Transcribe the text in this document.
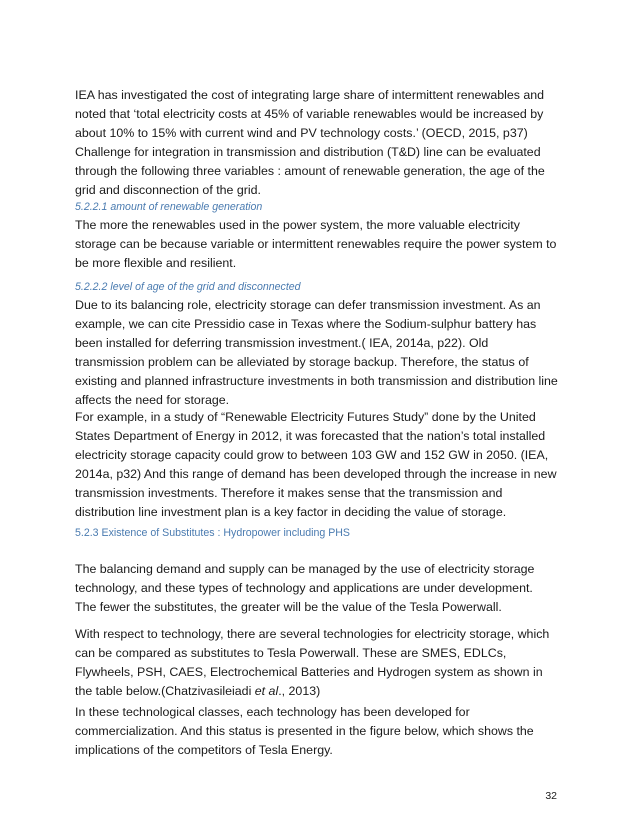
IEA has investigated the cost of integrating large share of intermittent renewables and
noted that ‘total electricity costs at 45% of variable renewables would be increased by
about 10% to 15% with current wind and PV technology costs.’ (OECD, 2015, p37)
Challenge for integration in transmission and distribution (T&D) line can be evaluated
through the following three variables : amount of renewable generation, the age of the
grid and disconnection of the grid.

5.2.2.1 amount of renewable generation

The more the renewables used in the power system, the more valuable electricity
storage can be because variable or intermittent renewables require the power system to
be more flexible and resilient.

5.2.2.2 level of age of the grid and disconnected

Due to its balancing role, electricity storage can defer transmission investment. As an
example, we can cite Pressidio case in Texas where the Sodium-sulphur battery has
been installed for deferring transmission investment.( IEA, 2014a, p22). Old
transmission problem can be alleviated by storage backup. Therefore, the status of
existing and planned infrastructure investments in both transmission and distribution line
affects the need for storage.

For example, in a study of “Renewable Electricity Futures Study” done by the United
States Department of Energy in 2012, it was forecasted that the nation’s total installed
electricity storage capacity could grow to between 103 GW and 152 GW in 2050. (IEA,
2014a, p32) And this range of demand has been developed through the increase in new
transmission investments. Therefore it makes sense that the transmission and
distribution line investment plan is a key factor in deciding the value of storage.

5.2.3 Existence of Substitutes : Hydropower including PHS

The balancing demand and supply can be managed by the use of electricity storage
technology, and these types of technology and applications are under development.
The fewer the substitutes, the greater will be the value of the Tesla Powerwall.

With respect to technology, there are several technologies for electricity storage, which
can be compared as substitutes to Tesla Powerwall. These are SMES, EDLCs,
Flywheels, PSH, CAES, Electrochemical Batteries and Hydrogen system as shown in
the table below.(Chatzivasileiadi et al., 2013)

In these technological classes, each technology has been developed for
commercialization. And this status is presented in the figure below, which shows the
implications of the competitors of Tesla Energy.

32
